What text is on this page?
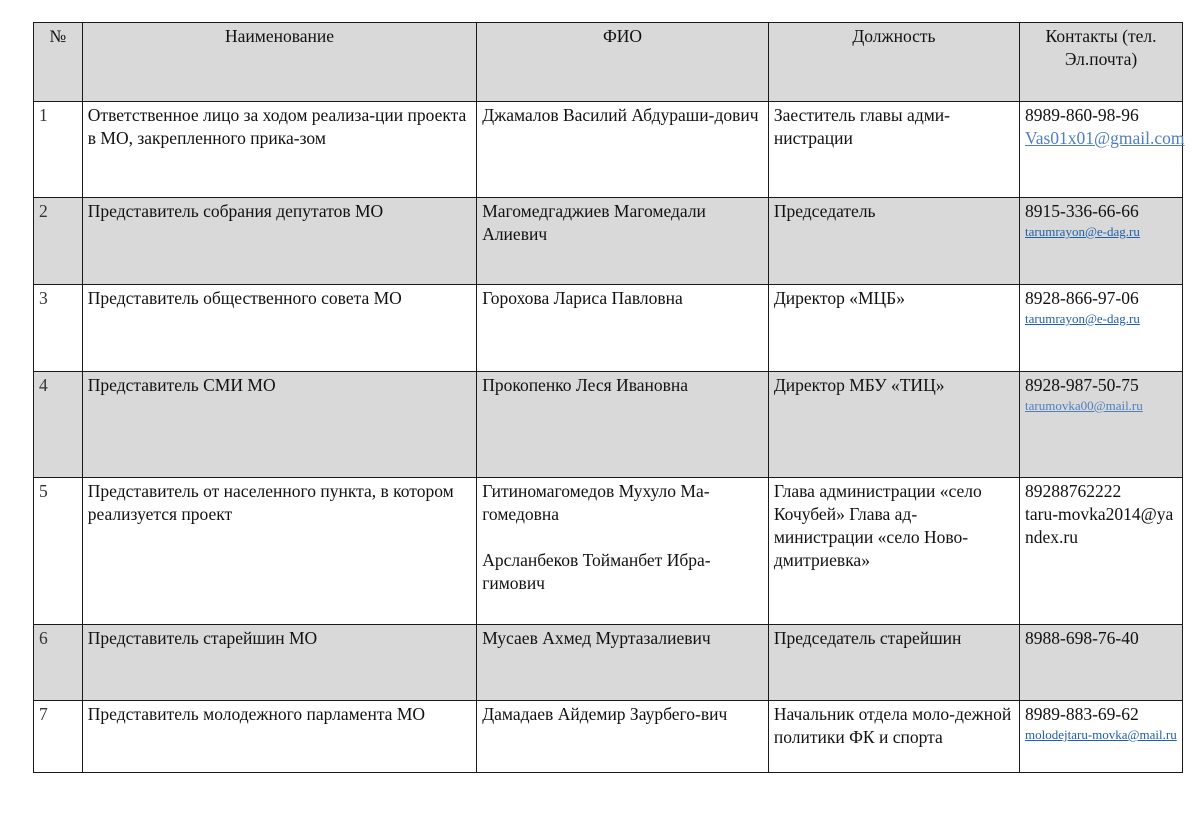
№	Наименование	ФИО	Должность	Контакты (тел. Эл.почта)
1	Ответственное лицо за ходом реализа-ции проекта в МО, закрепленного прика-зом	Джамалов Василий Абдураши-дович	Заеститель главы адми-нистрации	8989-860-98-96
Vas01x01@gmail.com

2	Представитель собрания депутатов МО	Магомедгаджиев Магомедали Алиевич	Председатель	8915-336-66-66
tarumrayon@e-dag.ru

3	Представитель общественного совета МО	Горохова Лариса Павловна	Директор «МЦБ»	8928-866-97-06
tarumrayon@e-dag.ru

4	Представитель СМИ МО	Прокопенко Леся Ивановна	Директор МБУ «ТИЦ»	8928-987-50-75
tarumovka00@mail.ru

5	Представитель от населенного пункта, в котором реализуется проект	Гитиномагомедов Мухуло Ма-гомедовна
Арсланбеков Тойманбет Ибра-гимович	Глава администрации «село Кочубей» Глава ад-министрации «село Ново-дмитриевка»	89288762222
taru-movka2014@yandex.ru

6	Представитель старейшин МО	Мусаев Ахмед Муртазалиевич	Председатель старейшин	8988-698-76-40

7	Представитель молодежного парламента МО	Дамадаев Айдемир Заурбего-вич	Начальник отдела моло-дежной политики ФК и спорта	8989-883-69-62
molodejtaru-movka@mail.ru
